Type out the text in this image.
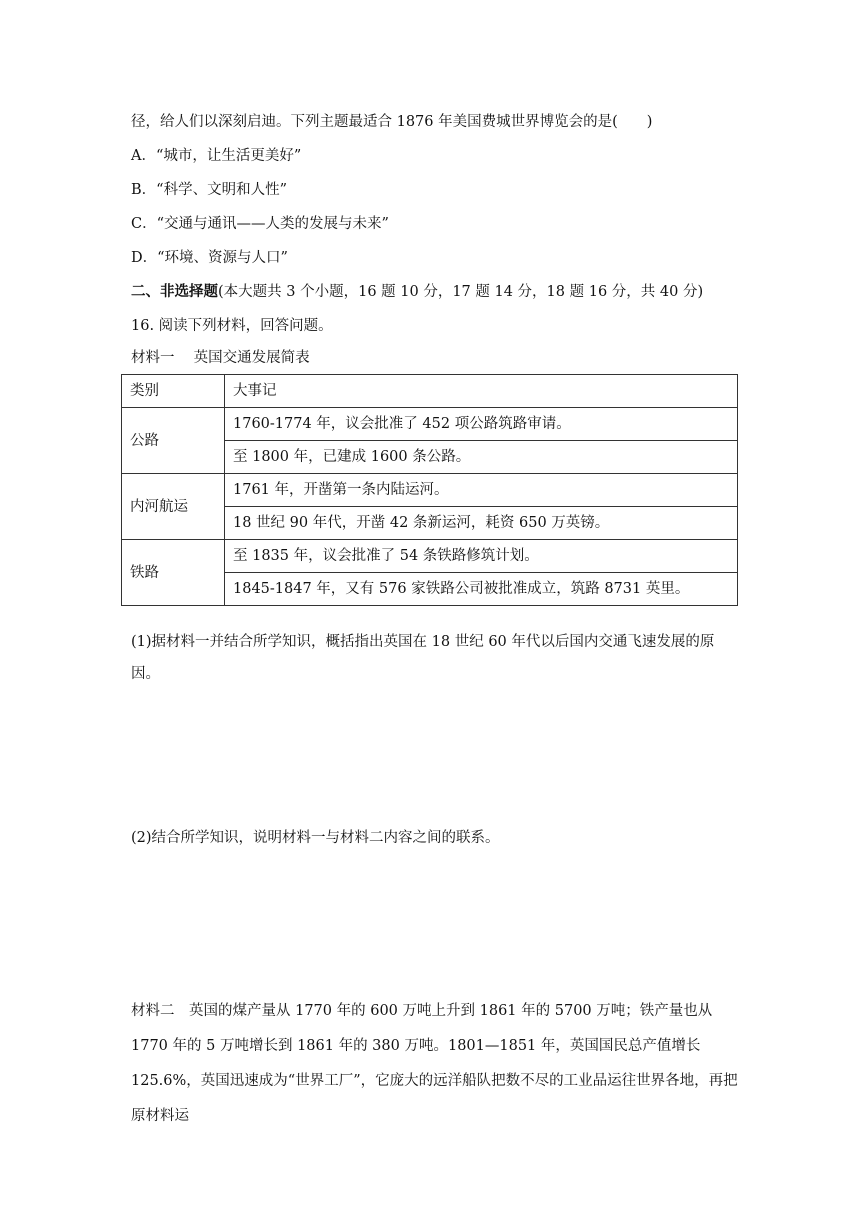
径，给人们以深刻启迪。下列主题最适合 1876 年美国费城世界博览会的是(　　)
A．“城市，让生活更美好”
B．“科学、文明和人性”
C．“交通与通讯——人类的发展与未来”
D．“环境、资源与人口”
二、非选择题(本大题共 3 个小题，16 题 10 分，17 题 14 分，18 题 16 分，共 40 分)
16. 阅读下列材料，回答问题。
材料一　 英国交通发展简表
类别	大事记
公路	1760-1774 年，议会批准了 452 项公路筑路审请。
	至 1800 年，已建成 1600 条公路。
内河航运	1761 年，开凿第一条内陆运河。
	18 世纪 90 年代，开凿 42 条新运河，耗资 650 万英镑。
铁路	至 1835 年，议会批准了 54 条铁路修筑计划。
	1845-1847 年，又有 576 家铁路公司被批准成立，筑路 8731 英里。
(1)据材料一并结合所学知识，概括指出英国在 18 世纪 60 年代以后国内交通飞速发展的原因。
(2)结合所学知识，说明材料一与材料二内容之间的联系。
材料二　英国的煤产量从 1770 年的 600 万吨上升到 1861 年的 5700 万吨；铁产量也从 1770 年的 5 万吨增长到 1861 年的 380 万吨。1801—1851 年，英国国民总产值增长 125.6%，英国迅速成为“世界工厂”，它庞大的远洋船队把数不尽的工业品运往世界各地，再把原材料运
